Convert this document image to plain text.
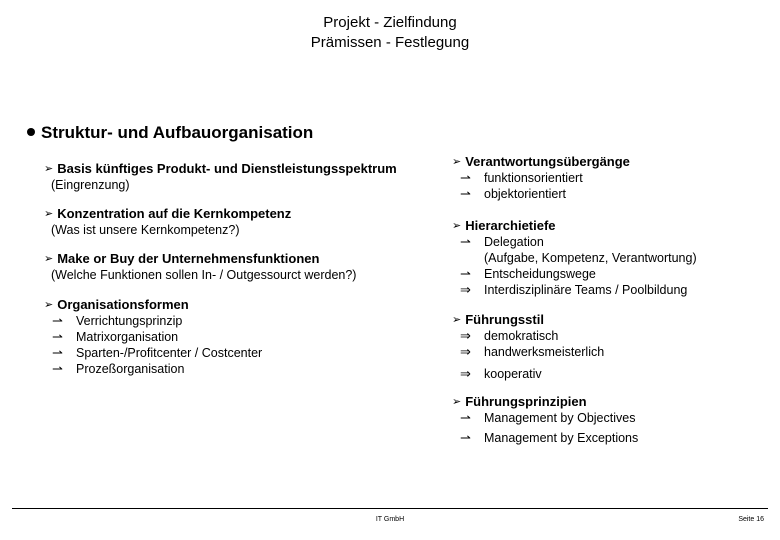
Projekt - Zielfindung
Prämissen - Festlegung
Struktur- und Aufbauorganisation
➢ Basis künftiges Produkt- und Dienstleistungsspektrum
(Eingrenzung)
➢ Konzentration auf die Kernkompetenz
(Was ist unsere Kernkompetenz?)
➢ Make or Buy der Unternehmensfunktionen
(Welche Funktionen sollen In- / Outgessourct werden?)
➢ Organisationsformen
⇀	Verrichtungsprinzip
⇀	Matrixorganisation
⇀	Sparten-/Profitcenter / Costcenter
⇀	Prozeßorganisation
➢ Verantwortungsübergänge
⇀	funktionsorientiert
⇀	objektorientiert
➢ Hierarchietiefe
⇀	Delegation
(Aufgabe, Kompetenz, Verantwortung)
⇀	Entscheidungswege
⇒	Interdisziplinäre Teams / Poolbildung
➢ Führungsstil
⇒	demokratisch
⇒	handwerksmeisterlich
⇒	kooperativ
➢ Führungsprinzipien
⇀	Management by Objectives
⇀	Management by Exceptions
IT GmbH	Seite 16
